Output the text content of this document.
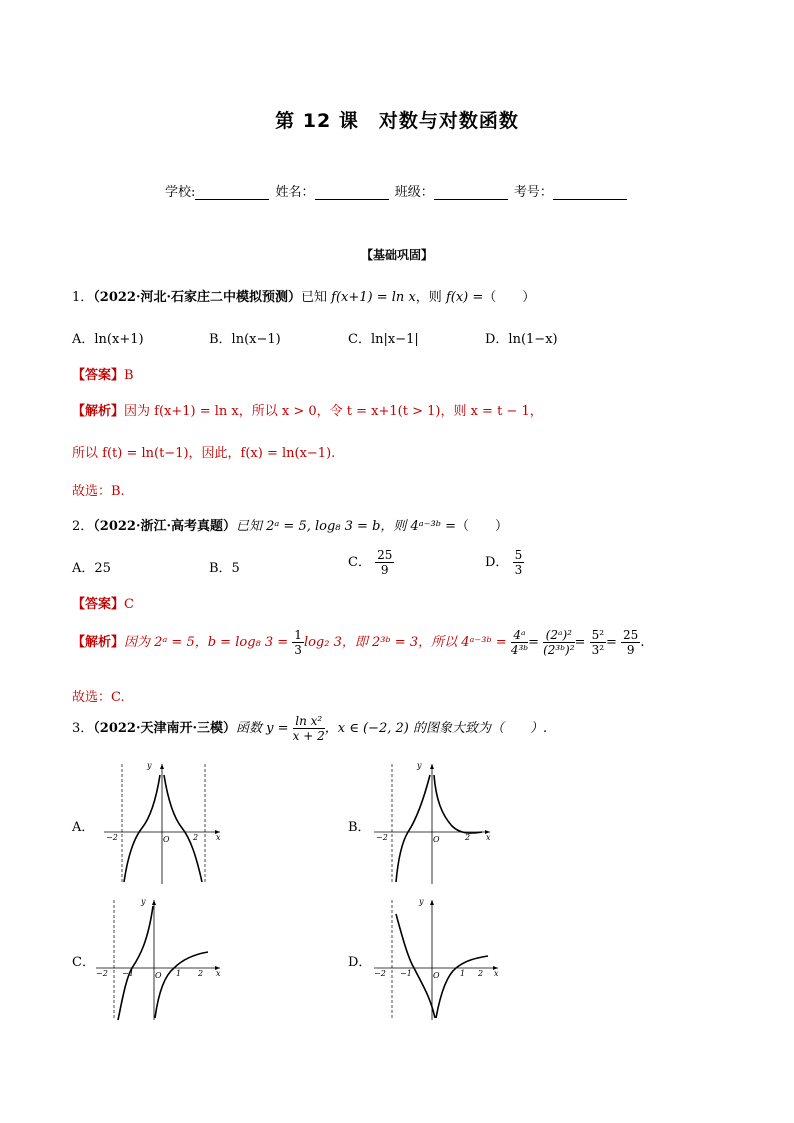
第 12 课　对数与对数函数
学校:	姓名：	班级：	考号：
【基础巩固】
1．（2022·河北·石家庄二中模拟预测）已知 f(x+1) = ln x，则 f(x) =（　　）
A．ln(x+1)	B．ln(x−1)	C．ln|x−1|	D．ln(1−x)
【答案】B
【解析】因为 f(x+1) = ln x，所以 x > 0，令 t = x+1(t > 1)，则 x = t − 1，
所以 f(t) = ln(t−1)，因此，f(x) = ln(x−1).
故选：B.
2．（2022·浙江·高考真题）已知 2ᵃ = 5, log₈ 3 = b，则 4ᵃ⁻³ᵇ =（　　）
A．25	B．5	C． $\frac{25}{9}$	D． $\frac{5}{3}$
【答案】C
【解析】因为 2ᵃ = 5，b = log₈ $3 = \frac{1}{3} \log_2$ 3，即 2³ᵇ = 3，所以 4ᵃ⁻³ᵇ = $\frac{\text{4ᵃ}}{\text{4³ᵇ}} = \frac{\text{(2ᵃ)²}}{\text{(2³ᵇ)²}} = \frac{\text{5²}}{\text{3²}} = \frac{25}{9}$ .
故选：C.
3．（2022·天津南开·三模）函数 $y = \frac{\text{ln x²}}{x + 2}$ ，x ∈ (−2, 2) 的图象大致为（　　）.
A．	B．
C．	D．
y
x
O
−2	2
y
x
O
−2	2
y
x
O
−2 −1	1 2
y
x
O
−2 −1	1 2
